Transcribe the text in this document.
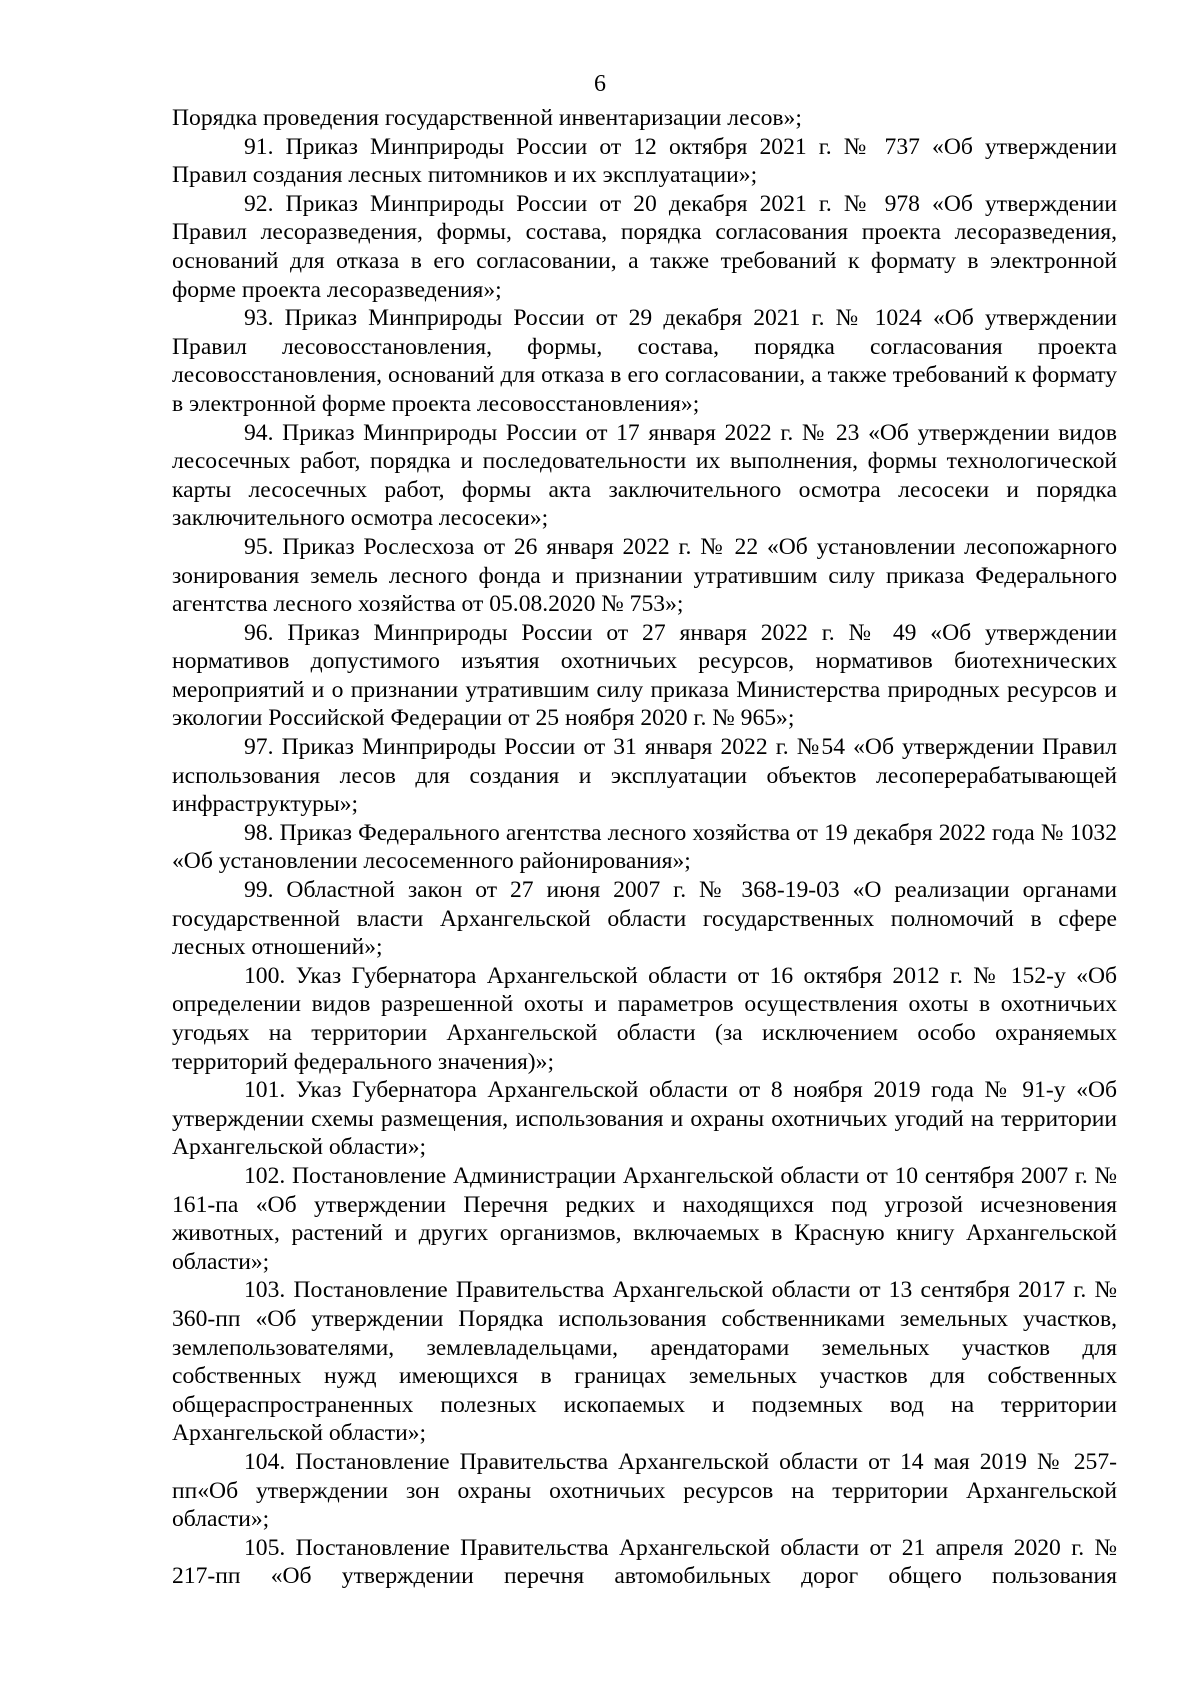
6

Порядка проведения государственной инвентаризации лесов»;

91. Приказ Минприроды России от 12 октября 2021 г. № 737 «Об утверждении Правил создания лесных питомников и их эксплуатации»;

92. Приказ Минприроды России от 20 декабря 2021 г. № 978 «Об утверждении Правил лесоразведения, формы, состава, порядка согласования проекта лесоразведения, оснований для отказа в его согласовании, а также требований к формату в электронной форме проекта лесоразведения»;

93. Приказ Минприроды России от 29 декабря 2021 г. № 1024 «Об утверждении Правил лесовосстановления, формы, состава, порядка согласования проекта лесовосстановления, оснований для отказа в его согласовании, а также требований к формату в электронной форме проекта лесовосстановления»;

94. Приказ Минприроды России от 17 января 2022 г. № 23 «Об утверждении видов лесосечных работ, порядка и последовательности их выполнения, формы технологической карты лесосечных работ, формы акта заключительного осмотра лесосеки и порядка заключительного осмотра лесосеки»;

95. Приказ Рослесхоза от 26 января 2022 г. № 22 «Об установлении лесопожарного зонирования земель лесного фонда и признании утратившим силу приказа Федерального агентства лесного хозяйства от 05.08.2020 № 753»;

96. Приказ Минприроды России от 27 января 2022 г. № 49 «Об утверждении нормативов допустимого изъятия охотничьих ресурсов, нормативов биотехнических мероприятий и о признании утратившим силу приказа Министерства природных ресурсов и экологии Российской Федерации от 25 ноября 2020 г. № 965»;

97. Приказ Минприроды России от 31 января 2022 г. №54 «Об утверждении Правил использования лесов для создания и эксплуатации объектов лесоперерабатывающей инфраструктуры»;

98. Приказ Федерального агентства лесного хозяйства от 19 декабря 2022 года № 1032 «Об установлении лесосеменного районирования»;

99. Областной закон от 27 июня 2007 г. № 368-19-03 «О реализации органами государственной власти Архангельской области государственных полномочий в сфере лесных отношений»;

100. Указ Губернатора Архангельской области от 16 октября 2012 г. № 152-у «Об определении видов разрешенной охоты и параметров осуществления охоты в охотничьих угодьях на территории Архангельской области (за исключением особо охраняемых территорий федерального значения)»;

101. Указ Губернатора Архангельской области от 8 ноября 2019 года № 91-у «Об утверждении схемы размещения, использования и охраны охотничьих угодий на территории Архангельской области»;

102. Постановление Администрации Архангельской области от 10 сентября 2007 г. № 161-па «Об утверждении Перечня редких и находящихся под угрозой исчезновения животных, растений и других организмов, включаемых в Красную книгу Архангельской области»;

103. Постановление Правительства Архангельской области от 13 сентября 2017 г. № 360-пп «Об утверждении Порядка использования собственниками земельных участков, землепользователями, землевладельцами, арендаторами земельных участков для собственных нужд имеющихся в границах земельных участков для собственных общераспространенных полезных ископаемых и подземных вод на территории Архангельской области»;

104. Постановление Правительства Архангельской области от 14 мая 2019 № 257-пп«Об утверждении зон охраны охотничьих ресурсов на территории Архангельской области»;

105. Постановление Правительства Архангельской области от 21 апреля 2020 г. № 217-пп «Об утверждении перечня автомобильных дорог общего пользования
